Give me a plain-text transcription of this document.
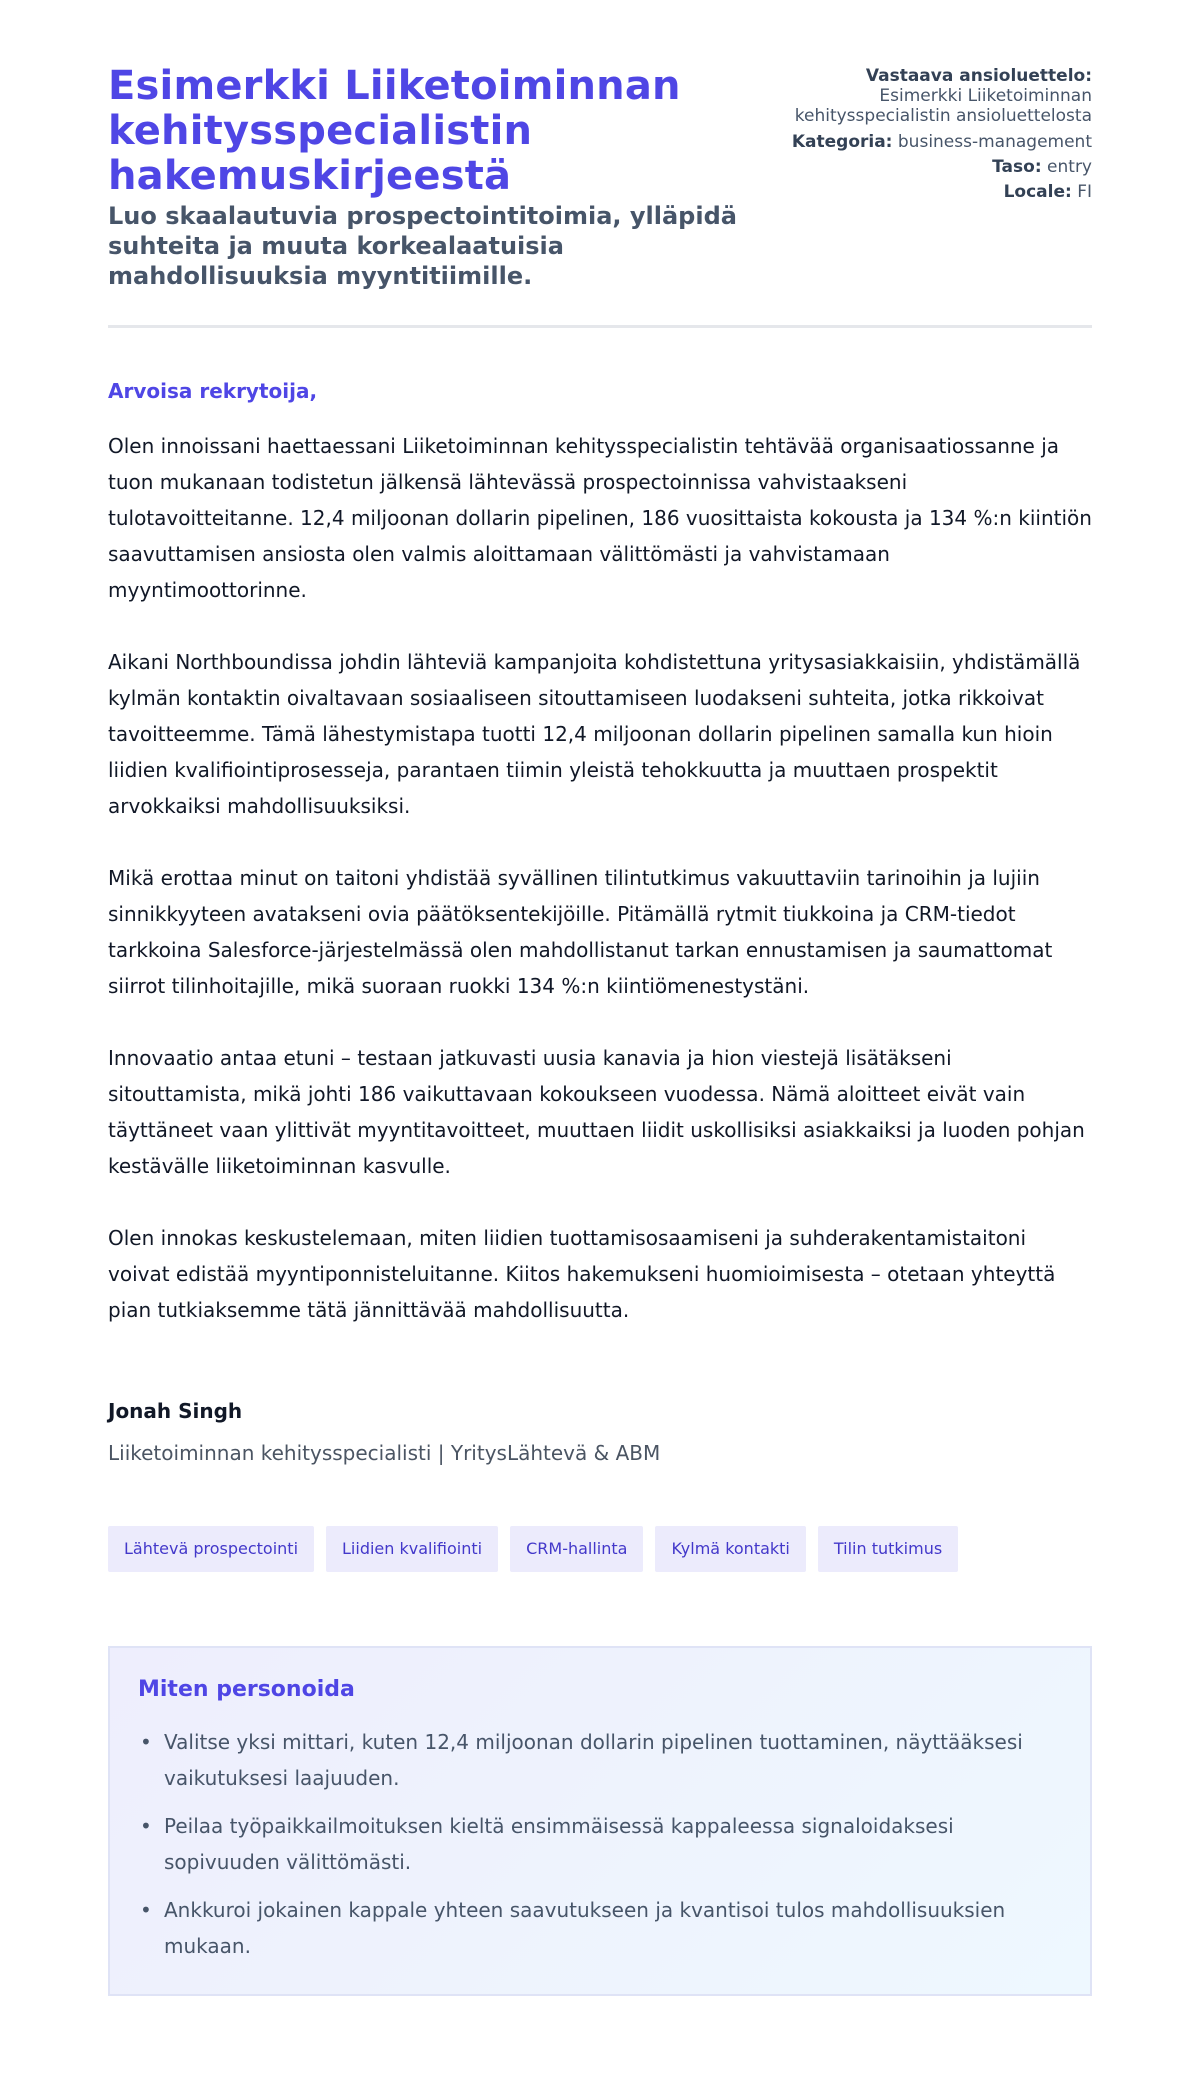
Esimerkki Liiketoiminnan kehitysspecialistin hakemuskirjeestä
Luo skaalautuvia prospectointitoimia, ylläpidä suhteita ja muuta korkealaatuisia mahdollisuuksia myyntitiimille.
Vastaava ansioluettelo:
Esimerkki Liiketoiminnan kehitysspecialistin ansioluettelosta
Kategoria: business-management
Taso: entry
Locale: FI
Arvoisa rekrytoija,

Olen innoissani haettaessani Liiketoiminnan kehitysspecialistin tehtävää organisaatiossanne ja tuon mukanaan todistetun jälkensä lähtevässä prospectoinnissa vahvistaakseni tulotavoitteitanne. 12,4 miljoonan dollarin pipelinen, 186 vuosittaista kokousta ja 134 %:n kiintiön saavuttamisen ansiosta olen valmis aloittamaan välittömästi ja vahvistamaan myyntimoottorinne.

Aikani Northboundissa johdin lähteviä kampanjoita kohdistettuna yritysasiakkaisiin, yhdistämällä kylmän kontaktin oivaltavaan sosiaaliseen sitouttamiseen luodakseni suhteita, jotka rikkoivat tavoitteemme. Tämä lähestymistapa tuotti 12,4 miljoonan dollarin pipelinen samalla kun hioin liidien kvalifiointiprosesseja, parantaen tiimin yleistä tehokkuutta ja muuttaen prospektit arvokkaiksi mahdollisuuksiksi.

Mikä erottaa minut on taitoni yhdistää syvällinen tilintutkimus vakuuttaviin tarinoihin ja lujiin sinnikkyyteen avatakseni ovia päätöksentekijöille. Pitämällä rytmit tiukkoina ja CRM-tiedot tarkkoina Salesforce-järjestelmässä olen mahdollistanut tarkan ennustamisen ja saumattomat siirrot tilinhoitajille, mikä suoraan ruokki 134 %:n kiintiömenestystäni.

Innovaatio antaa etuni – testaan jatkuvasti uusia kanavia ja hion viestejä lisätäkseni sitouttamista, mikä johti 186 vaikuttavaan kokoukseen vuodessa. Nämä aloitteet eivät vain täyttäneet vaan ylittivät myyntitavoitteet, muuttaen liidit uskollisiksi asiakkaiksi ja luoden pohjan kestävälle liiketoiminnan kasvulle.

Olen innokas keskustelemaan, miten liidien tuottamisosaamiseni ja suhderakentamistaitoni voivat edistää myyntiponnisteluitanne. Kiitos hakemukseni huomioimisesta – otetaan yhteyttä pian tutkiaksemme tätä jännittävää mahdollisuutta.

Jonah Singh
Liiketoiminnan kehitysspecialisti | YritysLähtevä & ABM
Lähtevä prospectointi	Liidien kvalifiointi	CRM-hallinta	Kylmä kontakti	Tilin tutkimus
Miten personoida
• Valitse yksi mittari, kuten 12,4 miljoonan dollarin pipelinen tuottaminen, näyttääksesi vaikutuksesi laajuuden.
• Peilaa työpaikkailmoituksen kieltä ensimmäisessä kappaleessa signaloidaksesi sopivuuden välittömästi.
• Ankkuroi jokainen kappale yhteen saavutukseen ja kvantisoi tulos mahdollisuuksien mukaan.
